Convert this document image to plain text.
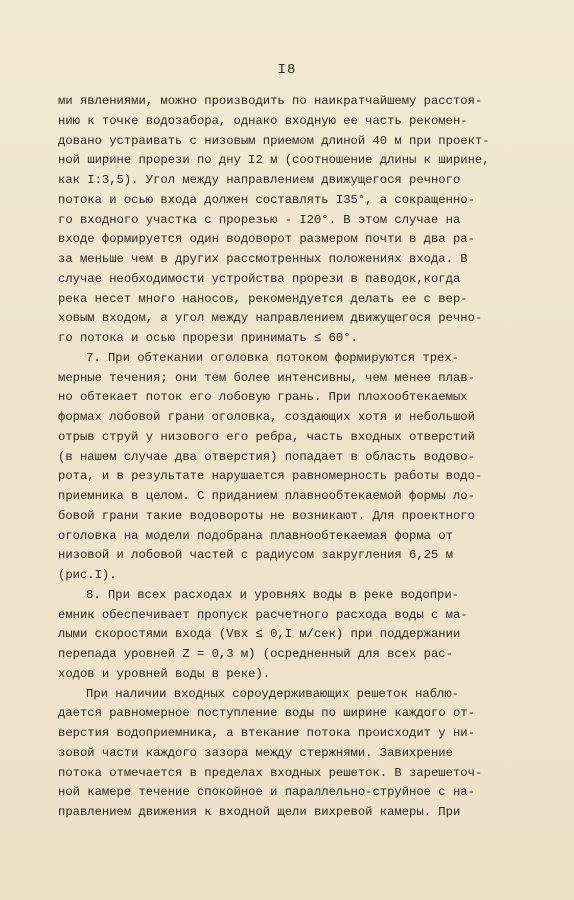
I8
ми явлениями, можно производить по наикратчайшему расстоя-
нию к точке водозабора, однако входную ее часть рекомен-
довано устраивать с низовым приемом длиной 40 м при проект-
ной ширине прорези по дну I2 м (соотношение длины к ширине,
как I:3,5). Угол между направлением движущегося речного
потока и осью входа должен составлять I35°, а сокращенно-
го входного участка с прорезью - I20°. В этом случае на
входе формируется один водоворот размером почти в два ра-
за меньше чем в других рассмотренных положениях входа. В
случае необходимости устройства прорези в паводок,когда
река несет много наносов, рекомендуется делать ее с вер-
ховым входом, а угол между направлением движущегося речно-
го потока и осью прорези принимать ≤ 60°.
7. При обтекании оголовка потоком формируются трех-
мерные течения; они тем более интенсивны, чем менее плав-
но обтекает поток его лобовую грань. При плохообтекаемых
формах лобовой грани оголовка, создающих хотя и небольшой
отрыв струй у низового его ребра, часть входных отверстий
(в нашем случае два отверстия) попадает в область водово-
рота, и в результате нарушается равномерность работы водо-
приемника в целом. С приданием плавнообтекаемой формы ло-
бовой грани такие водовороты не возникают. Для проектного
оголовка на модели подобрана плавнообтекаемая форма от
низовой и лобовой частей с радиусом закругления 6,25 м
(рис.I).
8. При всех расходах и уровнях воды в реке водопри-
емник обеспечивает пропуск расчетного расхода воды с ма-
лыми скоростями входа (Vвх ≤ 0,I м/сек) при поддержании
перепада уровней Z = 0,3 м) (осредненный для всех рас-
ходов и уровней воды в реке).
При наличии входных сороудерживающих решеток наблю-
дается равномерное поступление воды по ширине каждого от-
верстия водоприемника, а втекание потока происходит у ни-
зовой части каждого зазора между стержнями. Завихрение
потока отмечается в пределах входных решеток. В зарешеточ-
ной камере течение спокойное и параллельно-струйное с на-
правлением движения к входной щели вихревой камеры. При
